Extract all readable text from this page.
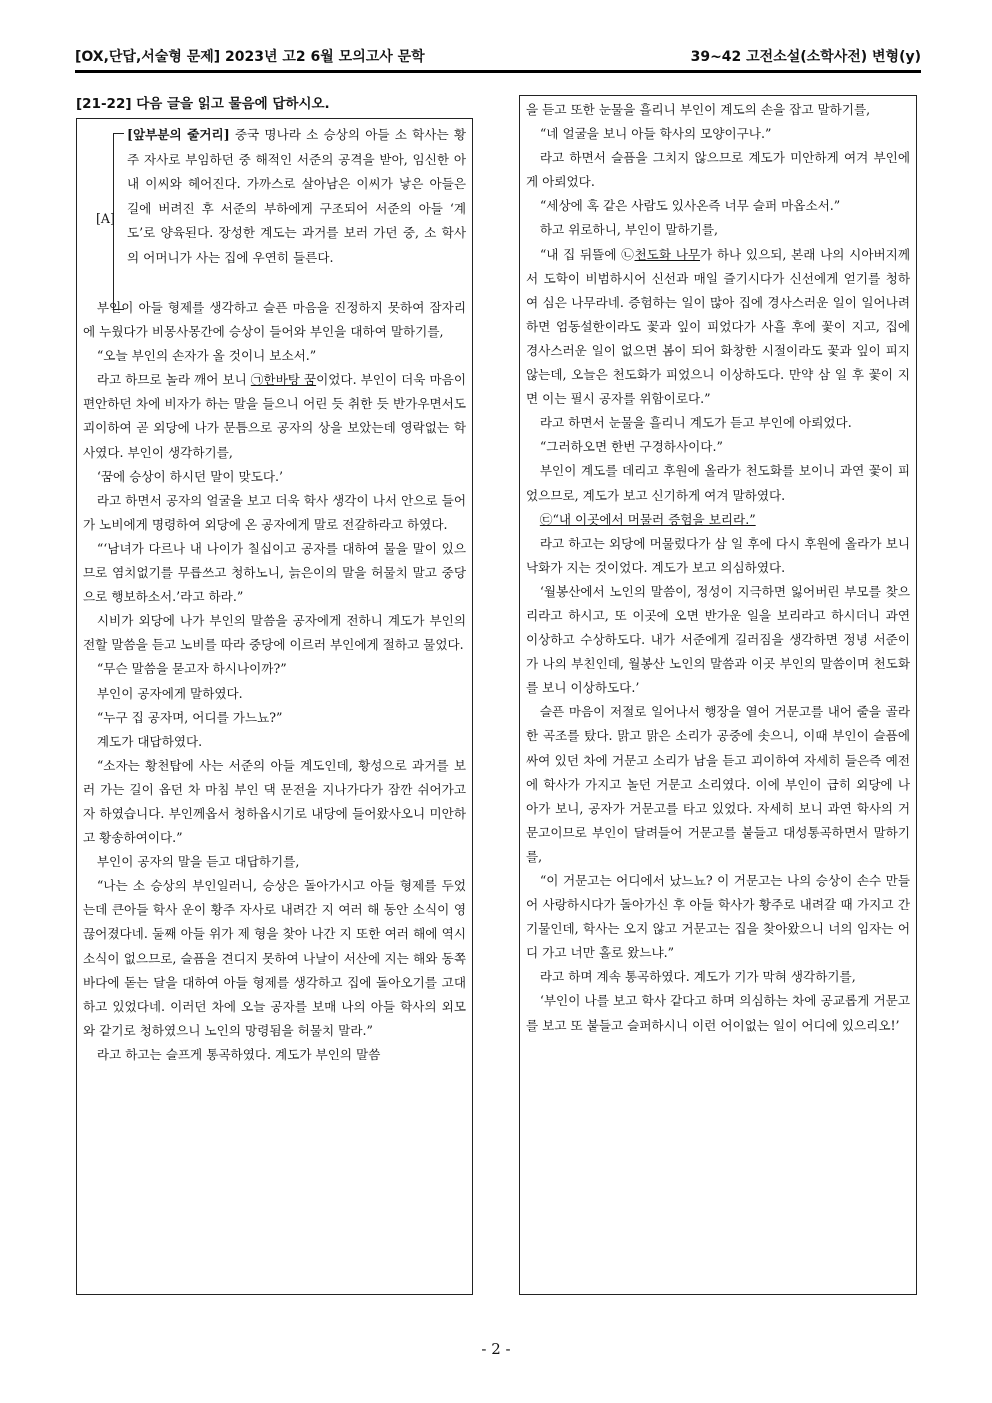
[OX,단답,서술형 문제] 2023년 고2 6월 모의고사 문학	39~42 고전소설(소학사전) 변형(y)
[21-22] 다음 글을 읽고 물음에 답하시오.
[A]

[앞부분의 줄거리] 중국 명나라 소 승상의 아들 소 학사는 황주 자사로 부임하던 중 해적인 서준의 공격을 받아, 임신한 아내 이씨와 헤어진다. 가까스로 살아남은 이씨가 낳은 아들은 길에 버려진 후 서준의 부하에게 구조되어 서준의 아들 ‘계도’로 양육된다. 장성한 계도는 과거를 보러 가던 중, 소 학사의 어머니가 사는 집에 우연히 들른다.

부인이 아들 형제를 생각하고 슬픈 마음을 진정하지 못하여 잠자리에 누웠다가 비몽사몽간에 승상이 들어와 부인을 대하여 말하기를,

“오늘 부인의 손자가 올 것이니 보소서.”

라고 하므로 놀라 깨어 보니 ㉠한바탕 꿈이었다. 부인이 더욱 마음이 편안하던 차에 비자가 하는 말을 들으니 어린 듯 취한 듯 반가우면서도 괴이하여 곧 외당에 나가 문틈으로 공자의 상을 보았는데 영락없는 학사였다. 부인이 생각하기를,

‘꿈에 승상이 하시던 말이 맞도다.’

라고 하면서 공자의 얼굴을 보고 더욱 학사 생각이 나서 안으로 들어가 노비에게 명령하여 외당에 온 공자에게 말로 전갈하라고 하였다.

“‘남녀가 다르나 내 나이가 칠십이고 공자를 대하여 물을 말이 있으므로 염치없기를 무릅쓰고 청하노니, 늙은이의 말을 허물치 말고 중당으로 행보하소서.’라고 하라.”

시비가 외당에 나가 부인의 말씀을 공자에게 전하니 계도가 부인의 전할 말씀을 듣고 노비를 따라 중당에 이르러 부인에게 절하고 물었다.

“무슨 말씀을 묻고자 하시나이까?”

부인이 공자에게 말하였다.

“누구 집 공자며, 어디를 가느뇨?”

계도가 대답하였다.

“소자는 황천탑에 사는 서준의 아들 계도인데, 황성으로 과거를 보러 가는 길이 옵던 차 마침 부인 댁 문전을 지나가다가 잠깐 쉬어가고자 하였습니다. 부인께옵서 청하옵시기로 내당에 들어왔사오니 미안하고 황송하여이다.”

부인이 공자의 말을 듣고 대답하기를,

“나는 소 승상의 부인일러니, 승상은 돌아가시고 아들 형제를 두었는데 큰아들 학사 운이 황주 자사로 내려간 지 여러 해 동안 소식이 영 끊어졌다네. 둘째 아들 위가 제 형을 찾아 나간 지 또한 여러 해에 역시 소식이 없으므로, 슬픔을 견디지 못하여 나날이 서산에 지는 해와 동쪽 바다에 돋는 달을 대하여 아들 형제를 생각하고 집에 돌아오기를 고대하고 있었다네. 이러던 차에 오늘 공자를 보매 나의 아들 학사의 외모와 같기로 청하였으니 노인의 망령됨을 허물치 말라.”

라고 하고는 슬프게 통곡하였다. 계도가 부인의 말씀

을 듣고 또한 눈물을 흘리니 부인이 계도의 손을 잡고 말하기를,

“네 얼굴을 보니 아들 학사의 모양이구나.”

라고 하면서 슬픔을 그치지 않으므로 계도가 미안하게 여겨 부인에게 아뢰었다.

“세상에 혹 같은 사람도 있사온즉 너무 슬퍼 마옵소서.”

하고 위로하니, 부인이 말하기를,

“내 집 뒤뜰에 ㉡천도화 나무가 하나 있으되, 본래 나의 시아버지께서 도학이 비범하시어 신선과 매일 즐기시다가 신선에게 얻기를 청하여 심은 나무라네. 증험하는 일이 많아 집에 경사스러운 일이 일어나려 하면 엄동설한이라도 꽃과 잎이 피었다가 사흘 후에 꽃이 지고, 집에 경사스러운 일이 없으면 봄이 되어 화창한 시절이라도 꽃과 잎이 피지 않는데, 오늘은 천도화가 피었으니 이상하도다. 만약 삼 일 후 꽃이 지면 이는 필시 공자를 위함이로다.”

라고 하면서 눈물을 흘리니 계도가 듣고 부인에 아뢰었다.

“그러하오면 한번 구경하사이다.”

부인이 계도를 데리고 후원에 올라가 천도화를 보이니 과연 꽃이 피었으므로, 계도가 보고 신기하게 여겨 말하였다.

㉢“내 이곳에서 머물러 증험을 보리라.”

라고 하고는 외당에 머물렀다가 삼 일 후에 다시 후원에 올라가 보니 낙화가 지는 것이었다. 계도가 보고 의심하였다.

‘월봉산에서 노인의 말씀이, 정성이 지극하면 잃어버린 부모를 찾으리라고 하시고, 또 이곳에 오면 반가운 일을 보리라고 하시더니 과연 이상하고 수상하도다. 내가 서준에게 길러짐을 생각하면 정녕 서준이가 나의 부친인데, 월봉산 노인의 말씀과 이곳 부인의 말씀이며 천도화를 보니 이상하도다.’

슬픈 마음이 저절로 일어나서 행장을 열어 거문고를 내어 줄을 골라 한 곡조를 탔다. 맑고 맑은 소리가 공중에 솟으니, 이때 부인이 슬픔에 싸여 있던 차에 거문고 소리가 남을 듣고 괴이하여 자세히 들은즉 예전에 학사가 가지고 놀던 거문고 소리였다. 이에 부인이 급히 외당에 나아가 보니, 공자가 거문고를 타고 있었다. 자세히 보니 과연 학사의 거문고이므로 부인이 달려들어 거문고를 붙들고 대성통곡하면서 말하기를,

“이 거문고는 어디에서 났느뇨? 이 거문고는 나의 승상이 손수 만들어 사랑하시다가 돌아가신 후 아들 학사가 황주로 내려갈 때 가지고 간 기물인데, 학사는 오지 않고 거문고는 집을 찾아왔으니 너의 임자는 어디 가고 너만 홀로 왔느냐.”

라고 하며 계속 통곡하였다. 계도가 기가 막혀 생각하기를,

‘부인이 나를 보고 학사 같다고 하며 의심하는 차에 공교롭게 거문고를 보고 또 붙들고 슬퍼하시니 이런 어이없는 일이 어디에 있으리오!’

- 2 -
